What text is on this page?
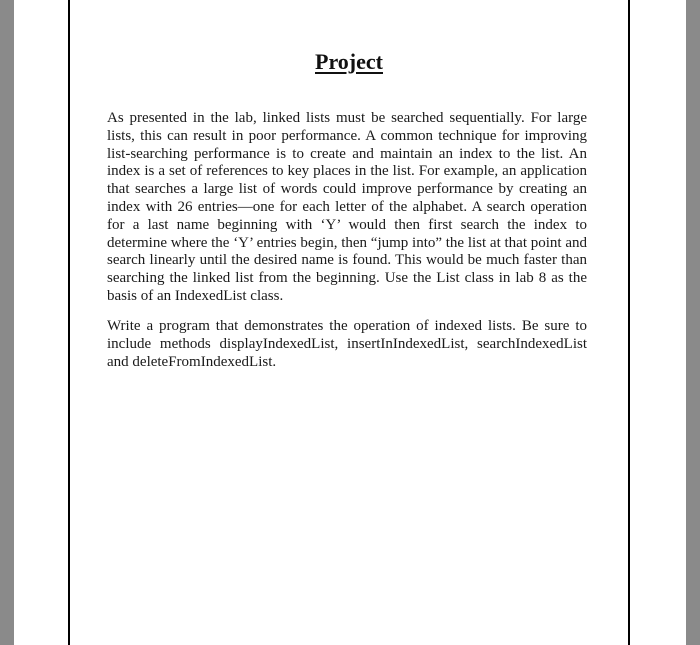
Project

As presented in the lab, linked lists must be searched sequentially. For large lists, this can result in poor performance. A common technique for improving list-searching performance is to create and maintain an index to the list. An index is a set of references to key places in the list. For example, an application that searches a large list of words could improve performance by creating an index with 26 entries—one for each letter of the alphabet. A search operation for a last name beginning with ‘Y’ would then first search the index to determine where the ‘Y’ entries begin, then “jump into” the list at that point and search linearly until the desired name is found. This would be much faster than searching the linked list from the beginning. Use the List class in lab 8 as the basis of an IndexedList class.

Write a program that demonstrates the operation of indexed lists. Be sure to include methods displayIndexedList, insertInIndexedList, searchIndexedList and deleteFromIndexedList.
